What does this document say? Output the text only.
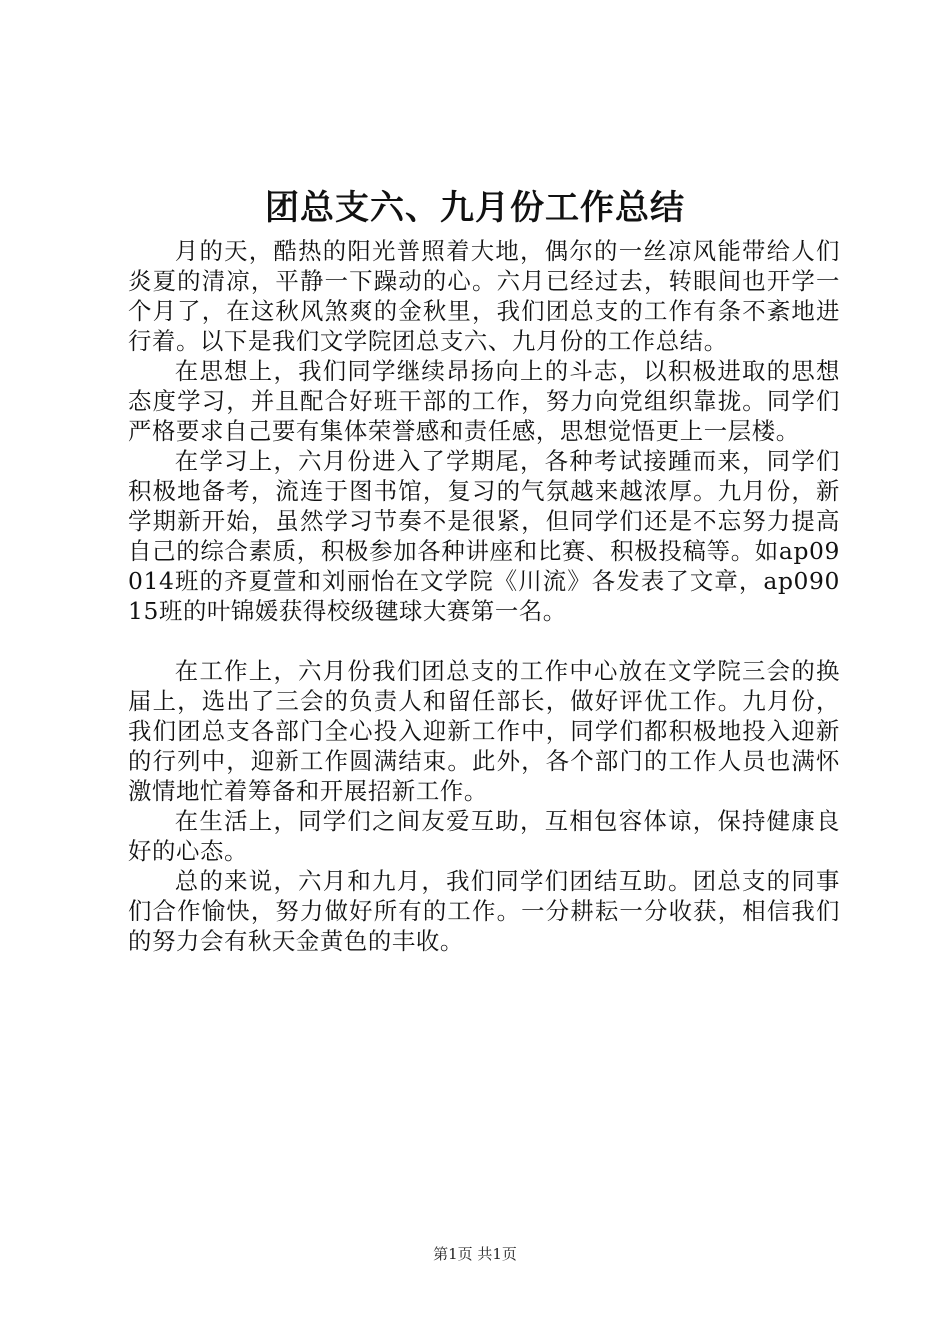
团总支六、九月份工作总结

月的天，酷热的阳光普照着大地，偶尔的一丝凉风能带给人们炎夏的清凉，平静一下躁动的心。六月已经过去，转眼间也开学一个月了，在这秋风煞爽的金秋里，我们团总支的工作有条不紊地进行着。以下是我们文学院团总支六、九月份的工作总结。

在思想上，我们同学继续昂扬向上的斗志，以积极进取的思想态度学习，并且配合好班干部的工作，努力向党组织靠拢。同学们严格要求自己要有集体荣誉感和责任感，思想觉悟更上一层楼。

在学习上，六月份进入了学期尾，各种考试接踵而来，同学们积极地备考，流连于图书馆，复习的气氛越来越浓厚。九月份，新学期新开始，虽然学习节奏不是很紧，但同学们还是不忘努力提高自己的综合素质，积极参加各种讲座和比赛、积极投稿等。如ap09014班的齐夏萱和刘丽怡在文学院《川流》各发表了文章，ap09015班的叶锦媛获得校级毽球大赛第一名。

在工作上，六月份我们团总支的工作中心放在文学院三会的换届上，选出了三会的负责人和留任部长，做好评优工作。九月份，我们团总支各部门全心投入迎新工作中，同学们都积极地投入迎新的行列中，迎新工作圆满结束。此外，各个部门的工作人员也满怀激情地忙着筹备和开展招新工作。

在生活上，同学们之间友爱互助，互相包容体谅，保持健康良好的心态。

总的来说，六月和九月，我们同学们团结互助。团总支的同事们合作愉快，努力做好所有的工作。一分耕耘一分收获，相信我们的努力会有秋天金黄色的丰收。

第1页 共1页
